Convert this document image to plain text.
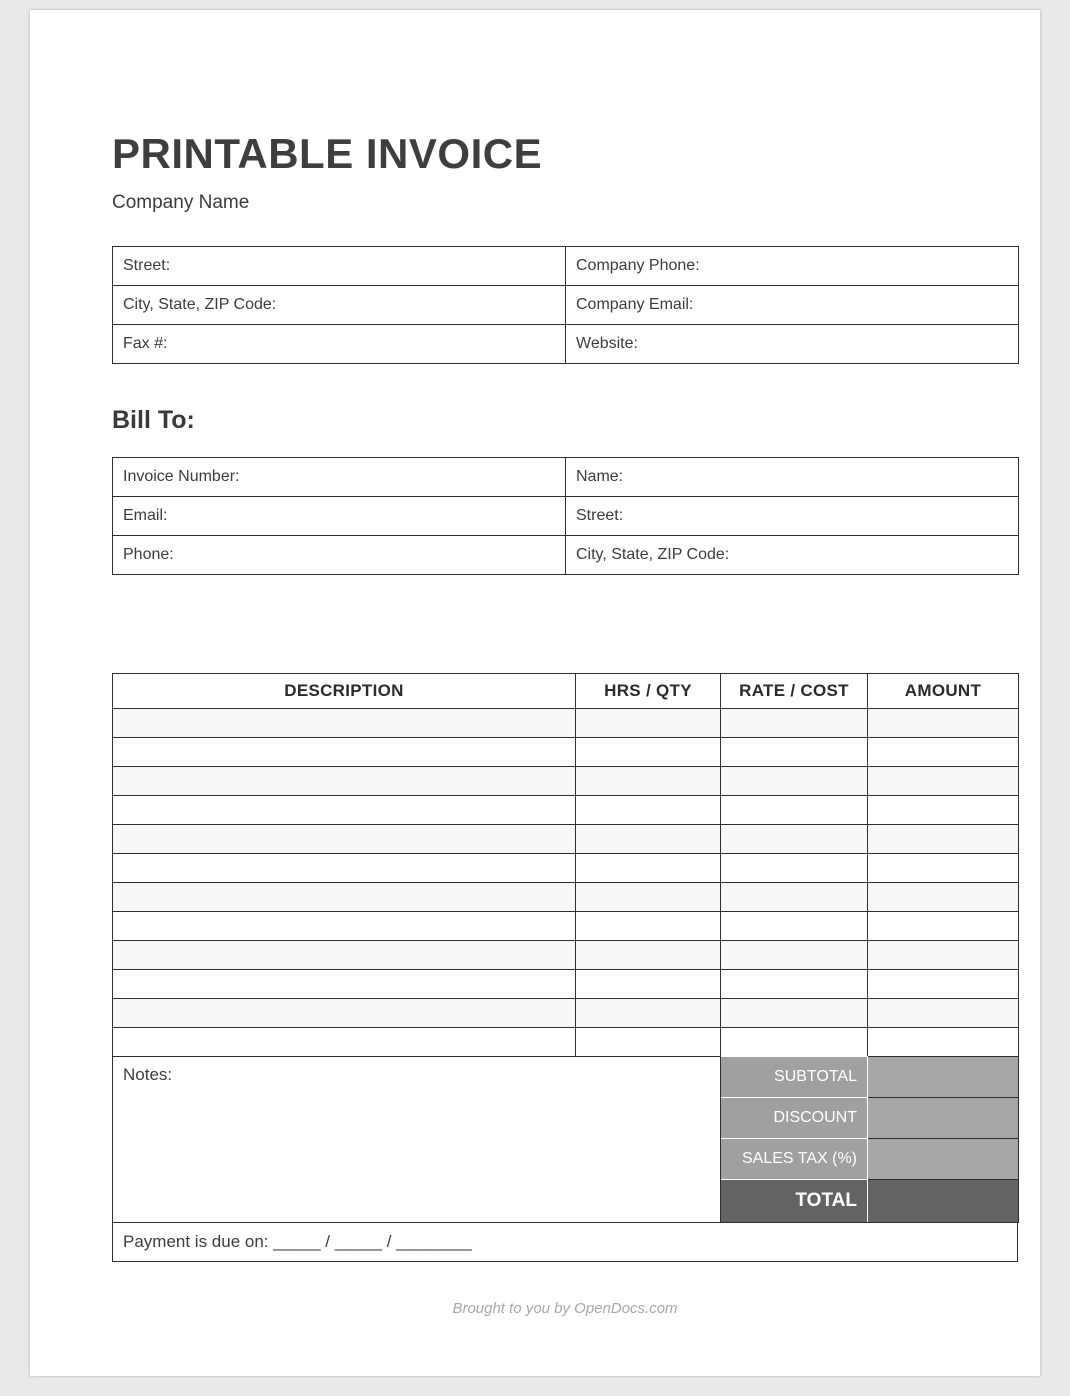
PRINTABLE INVOICE
Company Name
Street:	Company Phone:
City, State, ZIP Code:	Company Email:
Fax #:	Website:
Bill To:
Invoice Number:	Name:
Email:	Street:
Phone:	City, State, ZIP Code:
DESCRIPTION	HRS / QTY	RATE / COST	AMOUNT

Notes:	SUBTOTAL	
	DISCOUNT	
	SALES TAX (%)	
	TOTAL	
Payment is due on: _____ / _____ / ________
Brought to you by OpenDocs.com
